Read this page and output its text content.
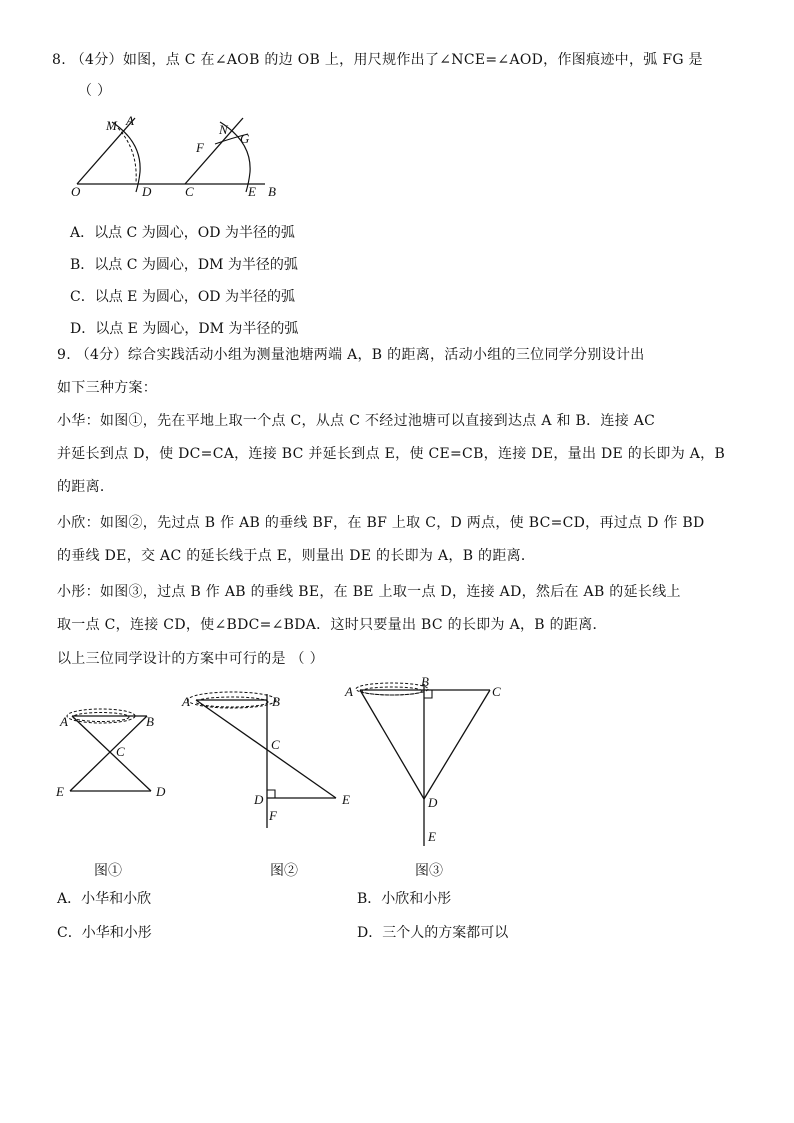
8. （4分）如图，点 C 在∠AOB 的边 OB 上，用尺规作出了∠NCE=∠AOD，作图痕迹中，弧 FG 是
（ ）
M A
O	D	C
N
G
F
E B
A．以点 C 为圆心，OD 为半径的弧
B．以点 C 为圆心，DM 为半径的弧
C．以点 E 为圆心，OD 为半径的弧
D．以点 E 为圆心，DM 为半径的弧
9. （4分）综合实践活动小组为测量池塘两端 A，B 的距离，活动小组的三位同学分别设计出
如下三种方案：
小华：如图①，先在平地上取一个点 C，从点 C 不经过池塘可以直接到达点 A 和 B．连接 AC
并延长到点 D，使 DC=CA，连接 BC 并延长到点 E，使 CE=CB，连接 DE，量出 DE 的长即为 A，B
的距离．
小欣：如图②，先过点 B 作 AB 的垂线 BF，在 BF 上取 C，D 两点，使 BC=CD，再过点 D 作 BD
的垂线 DE，交 AC 的延长线于点 E，则量出 DE 的长即为 A，B 的距离．
小彤：如图③，过点 B 作 AB 的垂线 BE，在 BE 上取一点 D，连接 AD，然后在 AB 的延长线上
取一点 C，连接 CD，使∠BDC=∠BDA．这时只要量出 BC 的长即为 A，B 的距离．
以上三位同学设计的方案中可行的是 （ ）
A	B
C
E	D
A	B
C
D	E
F
A
B
C
D
E
图①	图②	图③
A．小华和小欣	B．小欣和小彤
C．小华和小彤	D．三个人的方案都可以
